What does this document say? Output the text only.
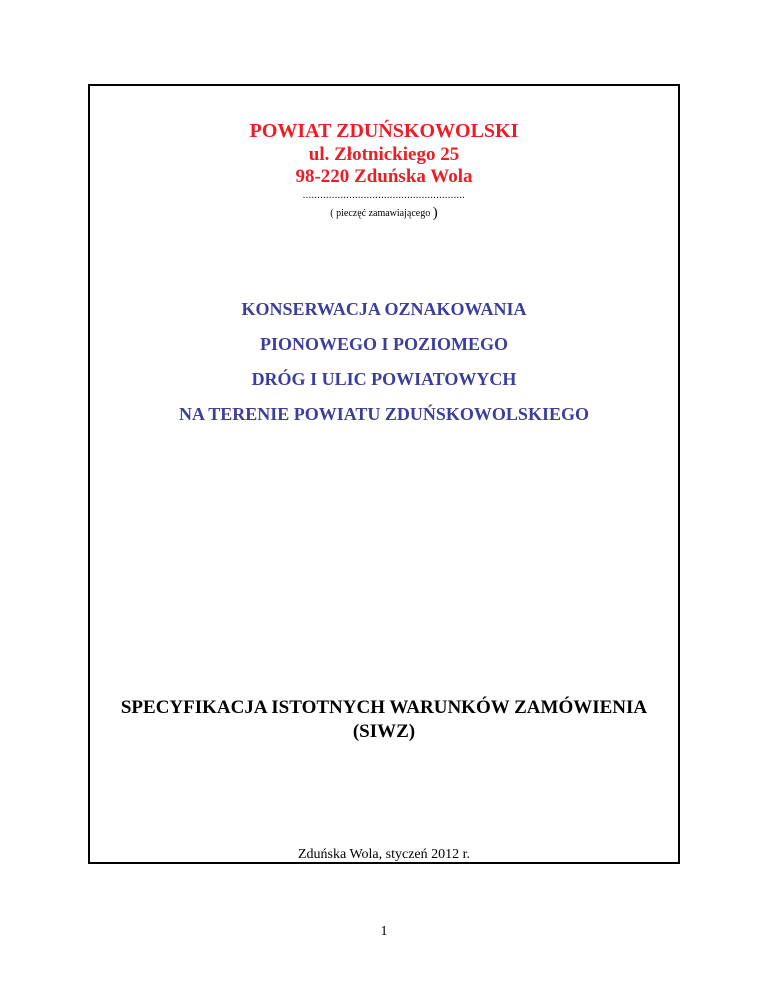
POWIAT ZDUŃSKOWOLSKI
ul. Złotnickiego 25
98-220 Zduńska Wola
........................................................
( pieczęć zamawiającego )
KONSERWACJA OZNAKOWANIA
PIONOWEGO I POZIOMEGO
DRÓG I ULIC POWIATOWYCH
NA TERENIE POWIATU ZDUŃSKOWOLSKIEGO
SPECYFIKACJA ISTOTNYCH WARUNKÓW ZAMÓWIENIA
(SIWZ)
Zduńska Wola, styczeń 2012 r.
1
